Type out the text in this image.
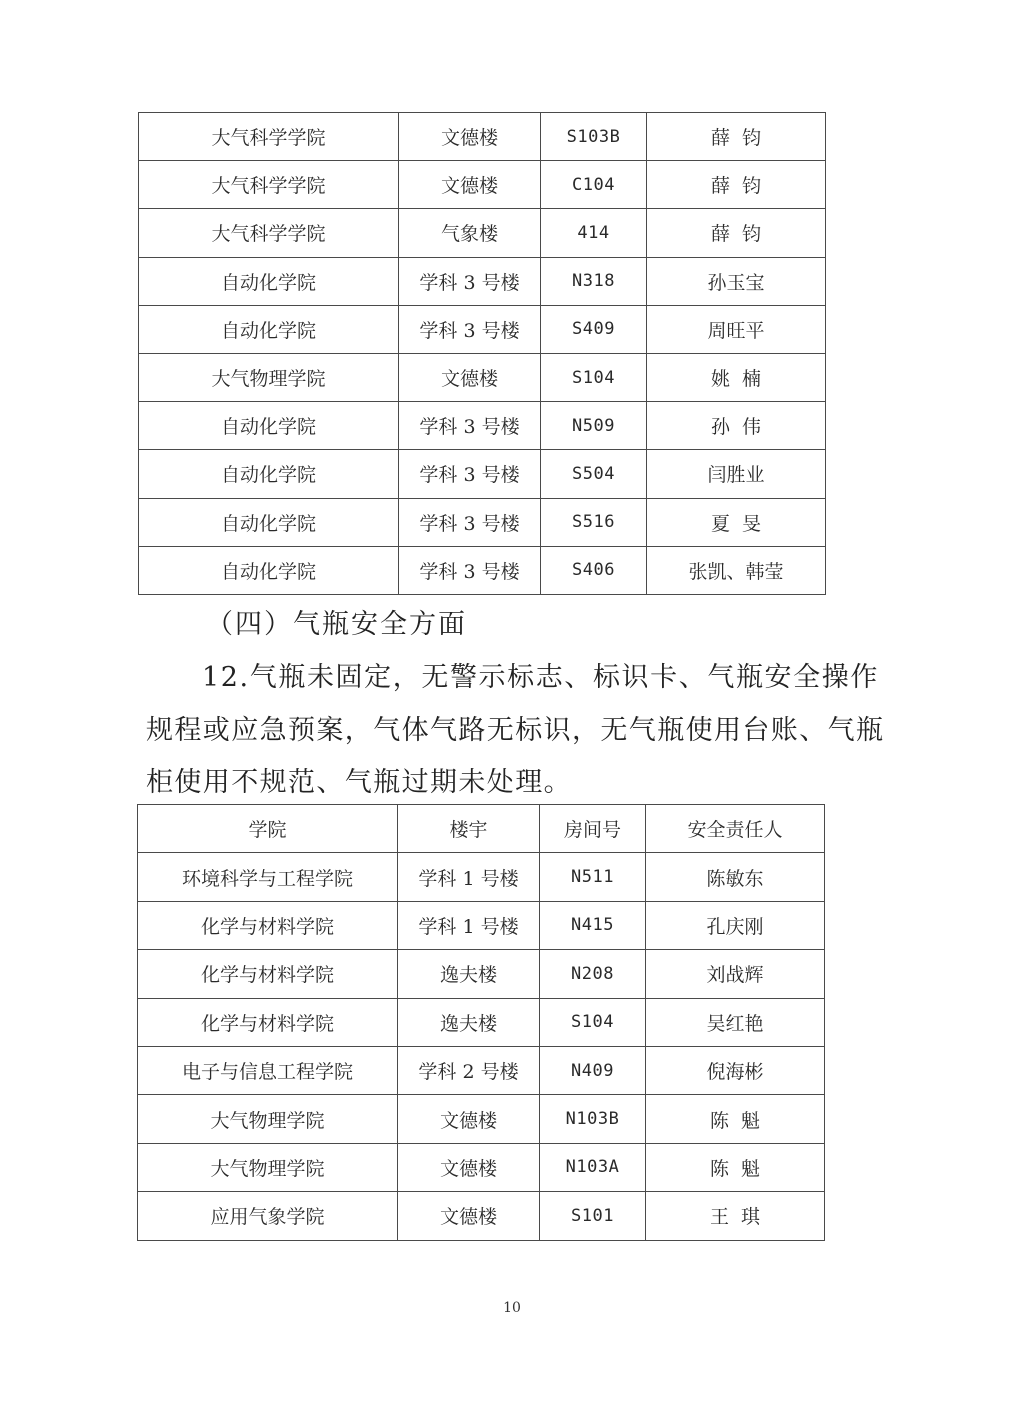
大气科学学院	文德楼	S103B	薛  钧
大气科学学院	文德楼	C104	薛  钧
大气科学学院	气象楼	414	薛  钧
自动化学院	学科 3 号楼	N318	孙玉宝
自动化学院	学科 3 号楼	S409	周旺平
大气物理学院	文德楼	S104	姚  楠
自动化学院	学科 3 号楼	N509	孙  伟
自动化学院	学科 3 号楼	S504	闫胜业
自动化学院	学科 3 号楼	S516	夏  旻
自动化学院	学科 3 号楼	S406	张凯、韩莹
（四）气瓶安全方面
12.气瓶未固定，无警示标志、标识卡、气瓶安全操作
规程或应急预案，气体气路无标识，无气瓶使用台账、气瓶
柜使用不规范、气瓶过期未处理。
学院	楼宇	房间号	安全责任人
环境科学与工程学院	学科 1 号楼	N511	陈敏东
化学与材料学院	学科 1 号楼	N415	孔庆刚
化学与材料学院	逸夫楼	N208	刘战辉
化学与材料学院	逸夫楼	S104	吴红艳
电子与信息工程学院	学科 2 号楼	N409	倪海彬
大气物理学院	文德楼	N103B	陈  魁
大气物理学院	文德楼	N103A	陈  魁
应用气象学院	文德楼	S101	王  琪
10
